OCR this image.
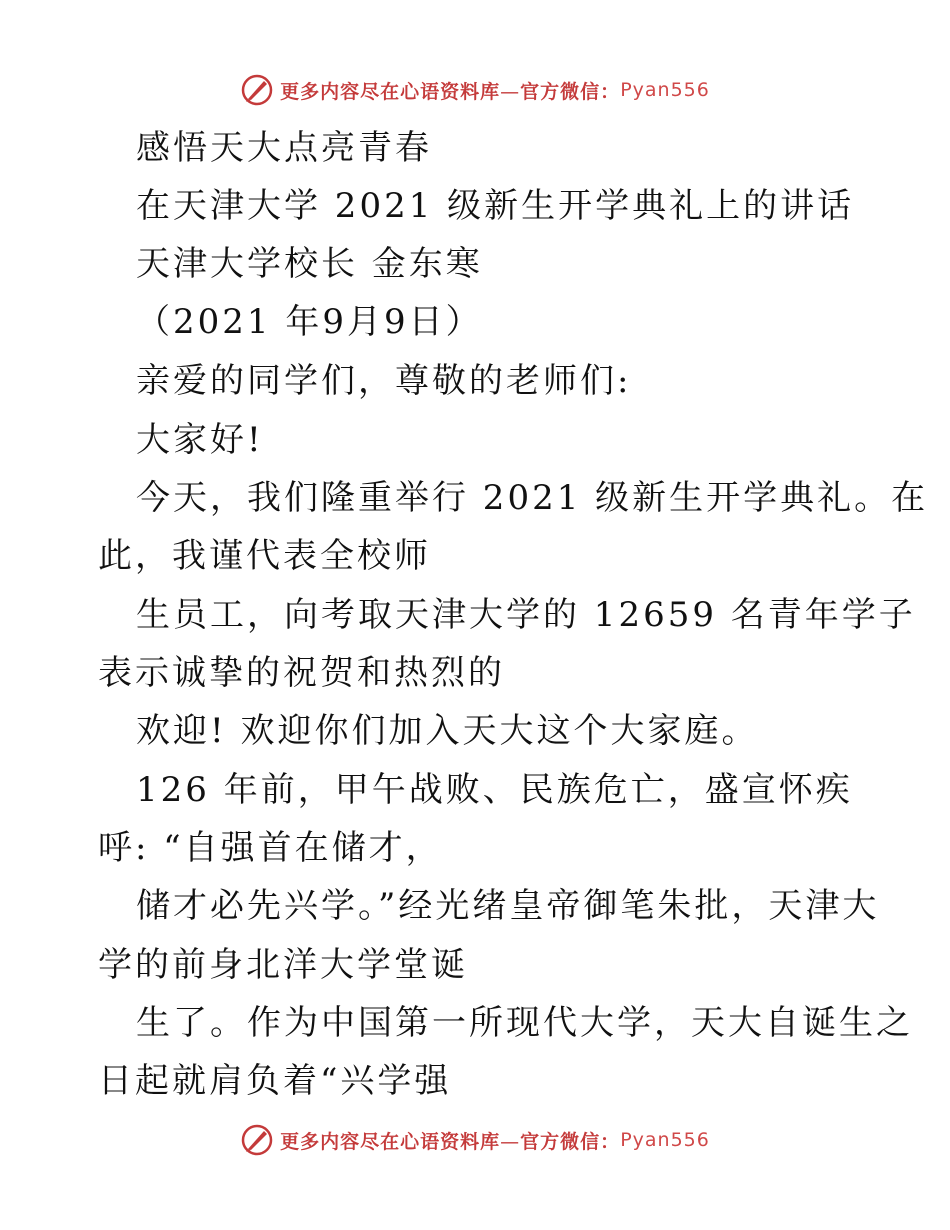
更多内容尽在心语资料库—官方微信： Pyan556
感悟天大点亮青春
在天津大学 2021 级新生开学典礼上的讲话
天津大学校长 金东寒
（2021 年9月9日）
亲爱的同学们，尊敬的老师们:
大家好!
今天，我们隆重举行 2021 级新生开学典礼。在
此，我谨代表全校师
生员工，向考取天津大学的 12659 名青年学子
表示诚挚的祝贺和热烈的
欢迎! 欢迎你们加入天大这个大家庭。
126 年前，甲午战败、民族危亡，盛宣怀疾
呼: “自强首在储才，
储才必先兴学。”经光绪皇帝御笔朱批，天津大
学的前身北洋大学堂诞
生了。作为中国第一所现代大学，天大自诞生之
日起就肩负着“兴学强
更多内容尽在心语资料库—官方微信： Pyan556
